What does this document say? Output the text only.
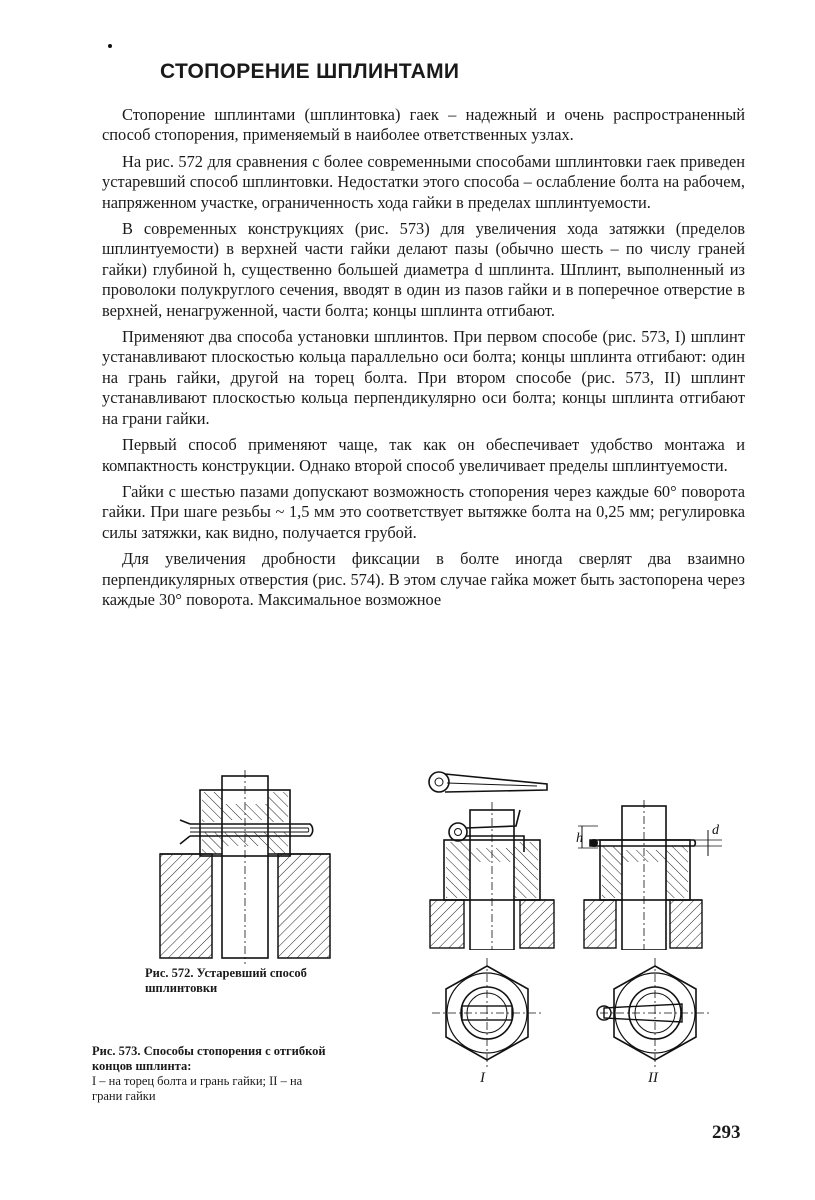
СТОПОРЕНИЕ ШПЛИНТАМИ

Стопорение шплинтами (шплинтовка) гаек – надежный и очень распространенный способ стопорения, применяемый в наиболее ответственных узлах.

На рис. 572 для сравнения с более современными способами шплинтовки гаек приведен устаревший способ шплинтовки. Недостатки этого способа – ослабление болта на рабочем, напряженном участке, ограниченность хода гайки в пределах шплинтуемости.

В современных конструкциях (рис. 573) для увеличения хода затяжки (пределов шплинтуемости) в верхней части гайки делают пазы (обычно шесть – по числу граней гайки) глубиной h, существенно большей диаметра d шплинта. Шплинт, выполненный из проволоки полукруглого сечения, вводят в один из пазов гайки и в поперечное отверстие в верхней, ненагруженной, части болта; концы шплинта отгибают.

Применяют два способа установки шплинтов. При первом способе (рис. 573, I) шплинт устанавливают плоскостью кольца параллельно оси болта; концы шплинта отгибают: один на грань гайки, другой на торец болта. При втором способе (рис. 573, II) шплинт устанавливают плоскостью кольца перпендикулярно оси болта; концы шплинта отгибают на грани гайки.

Первый способ применяют чаще, так как он обеспечивает удобство монтажа и компактность конструкции. Однако второй способ увеличивает пределы шплинтуемости.

Гайки с шестью пазами допускают возможность стопорения через каждые 60° поворота гайки. При шаге резьбы ~ 1,5 мм это соответствует вытяжке болта на 0,25 мм; регулировка силы затяжки, как видно, получается грубой.

Для увеличения дробности фиксации в болте иногда сверлят два взаимно перпендикулярных отверстия (рис. 574). В этом случае гайка может быть застопорена через каждые 30° поворота. Максимальное возможное

Рис. 572. Устаревший способ
шплинтовки
h
d
I	II
Рис. 573. Способы стопорения с отгибкой
концов шплинта:
I – на торец болта и грань гайки; II – на
грани гайки
293
